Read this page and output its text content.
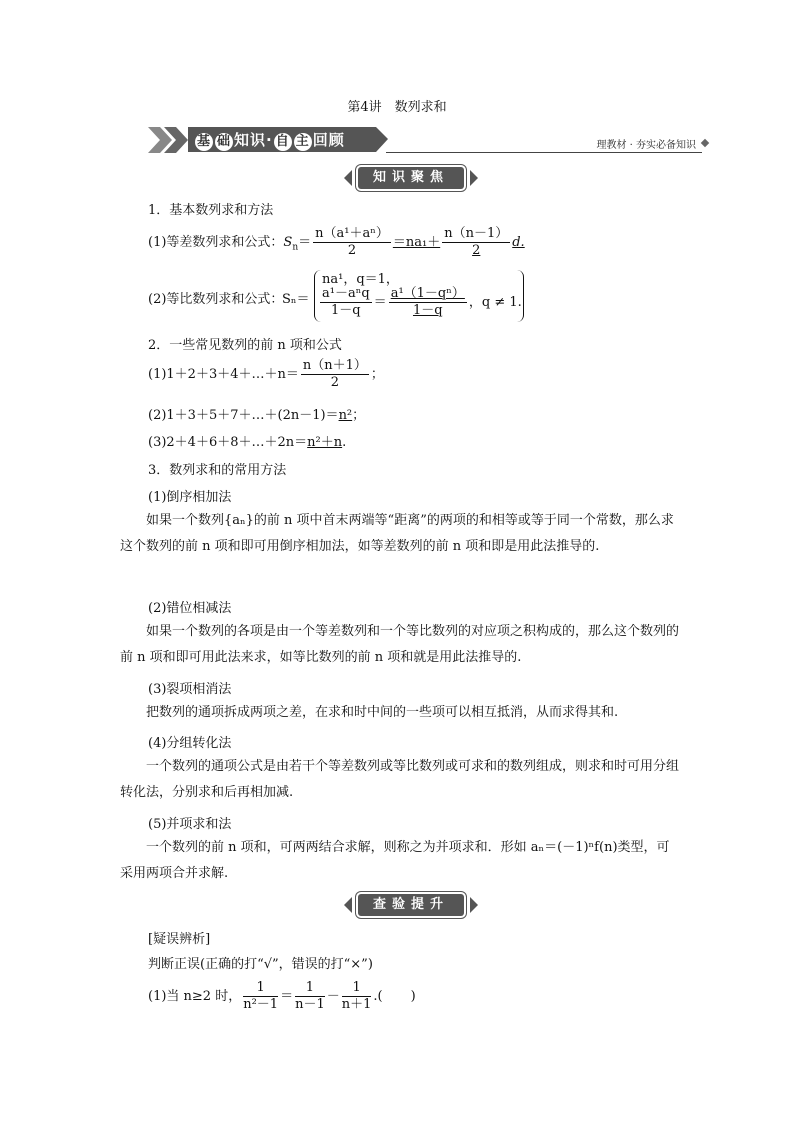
第4讲　数列求和
基 础 知识· 自 主 回顾	理教材 · 夯实必备知识
知识聚焦
1．基本数列求和方法
(1)等差数列求和公式：$S_n= \frac{\text{n（a¹＋aⁿ）}}{2} =na_1+ \frac{n(n-1)}{2} d$.
(2)等比数列求和公式：
Sₙ＝
na¹，q＝1，
$\frac{\text{a¹－aⁿq}}{1-q} = \frac{\text{a¹（1－qⁿ）}}{1-q}$ ，q ≠ 1.
2．一些常见数列的前 n 项和公式
(1)1＋2＋3＋4＋…＋n＝ $\frac{n(n+1)}{2}$ ；
(2)1＋3＋5＋7＋…＋(2n－1)＝n²；
(3)2＋4＋6＋8＋…＋2n＝n²＋n.
3．数列求和的常用方法
(1)倒序相加法
如果一个数列{aₙ}的前 n 项中首末两端等“距离”的两项的和相等或等于同一个常数，那么求这个数列的前 n 项和即可用倒序相加法，如等差数列的前 n 项和即是用此法推导的.
(2)错位相减法
如果一个数列的各项是由一个等差数列和一个等比数列的对应项之积构成的，那么这个数列的前 n 项和即可用此法来求，如等比数列的前 n 项和就是用此法推导的.
(3)裂项相消法
把数列的通项拆成两项之差，在求和时中间的一些项可以相互抵消，从而求得其和.
(4)分组转化法
一个数列的通项公式是由若干个等差数列或等比数列或可求和的数列组成，则求和时可用分组转化法，分别求和后再相加减.
(5)并项求和法
一个数列的前 n 项和，可两两结合求解，则称之为并项求和．形如 aₙ＝(－1)ⁿf(n)类型，可采用两项合并求解.
查验提升
[疑误辨析]
判断正误(正确的打“√”，错误的打“×”)
(1)当 n≥2 时， $\frac{1}{\text{n²－1}} = \frac{1}{n-1} - \frac{1}{n+1}$ .( )
